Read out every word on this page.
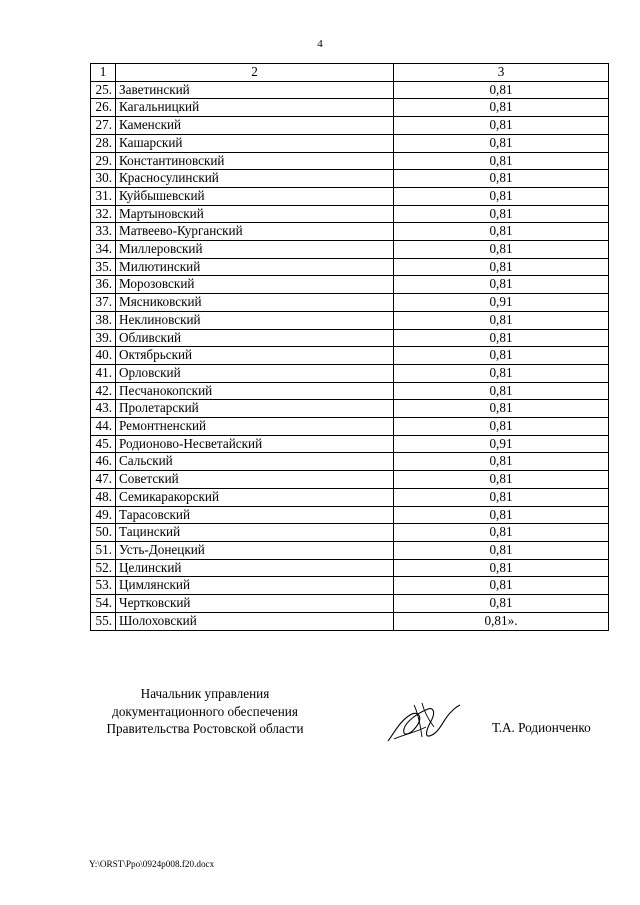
4
1	2	3
25.	Заветинский	0,81
26.	Кагальницкий	0,81
27.	Каменский	0,81
28.	Кашарский	0,81
29.	Константиновский	0,81
30.	Красносулинский	0,81
31.	Куйбышевский	0,81
32.	Мартыновский	0,81
33.	Матвеево-Курганский	0,81
34.	Миллеровский	0,81
35.	Милютинский	0,81
36.	Морозовский	0,81
37.	Мясниковский	0,91
38.	Неклиновский	0,81
39.	Обливский	0,81
40.	Октябрьский	0,81
41.	Орловский	0,81
42.	Песчанокопский	0,81
43.	Пролетарский	0,81
44.	Ремонтненский	0,81
45.	Родионово-Несветайский	0,91
46.	Сальский	0,81
47.	Советский	0,81
48.	Семикаракорский	0,81
49.	Тарасовский	0,81
50.	Тацинский	0,81
51.	Усть-Донецкий	0,81
52.	Целинский	0,81
53.	Цимлянский	0,81
54.	Чертковский	0,81
55.	Шолоховский	0,81».
Начальник управления
документационного обеспечения
Правительства Ростовской области	Т.А. Родионченко
Y:\ORST\Ppo\0924p008.f20.docx
